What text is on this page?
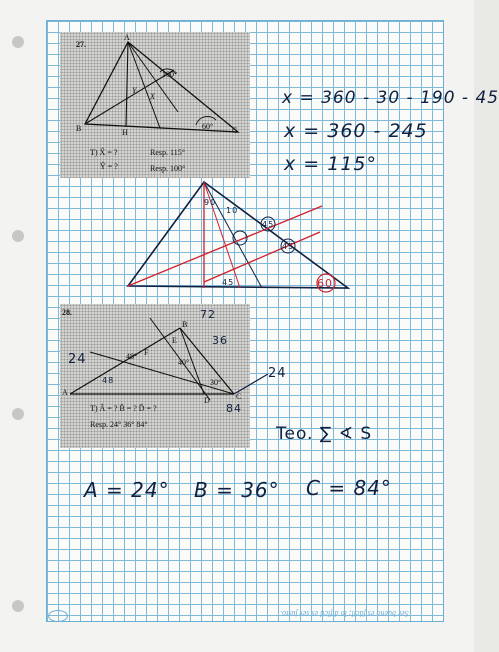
27.
A
B	C
H
100°
60°
X
Y
T) X̂ = ?	Resp. 115°
Ŷ = ?	Resp. 100°
x = 360 - 30 - 190 - 45
x = 360 - 245
x = 115°
90
10
45
45
45	60
28.
A
B
C
D
E
F
48°
40°
30°
T) Â = ? B̂ = ? D̂ = ?
Resp. 24° 36° 84°
72
36
24
24
84
48
Teo. ∑ ∢ S
A = 24° B = 36° C = 84°
Ser bueno es fácil; lo difícil es ser justo.
